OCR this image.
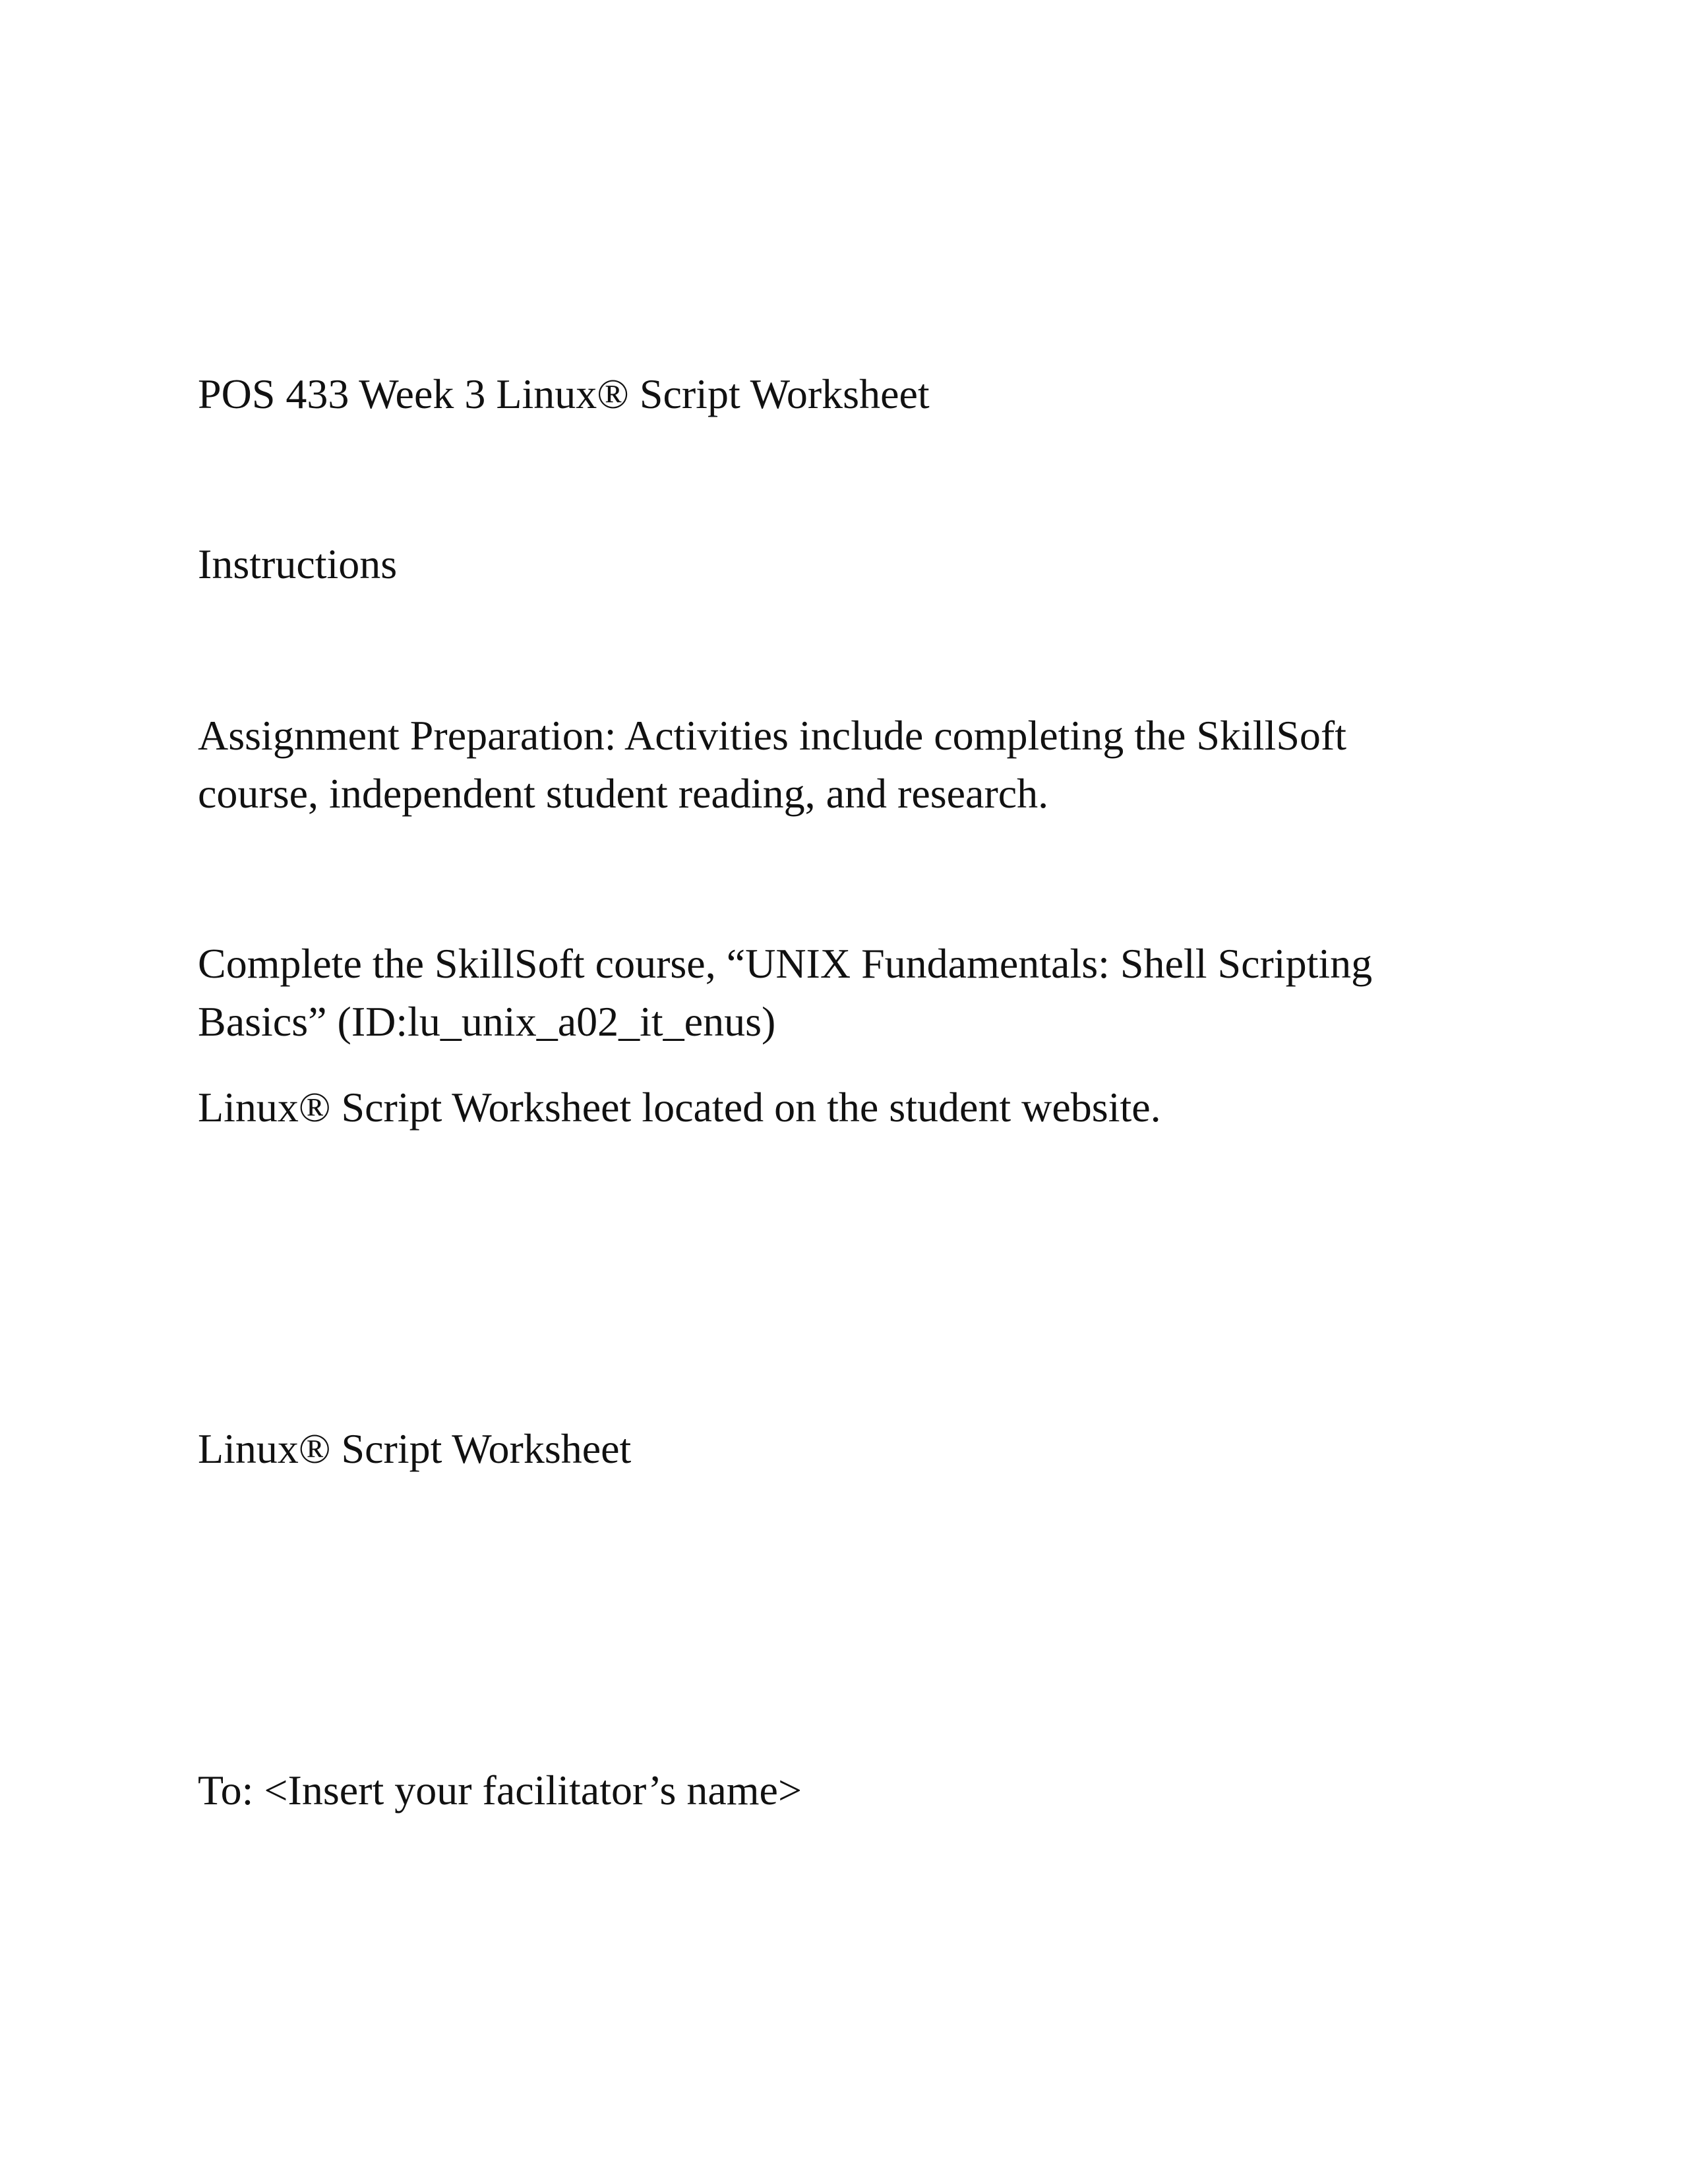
POS 433 Week 3 Linux® Script Worksheet

Instructions

Assignment Preparation: Activities include completing the SkillSoft

course, independent student reading, and research.

Complete the SkillSoft course, “UNIX Fundamentals: Shell Scripting

Basics” (ID:lu_unix_a02_it_enus)

Linux® Script Worksheet located on the student website.

Linux® Script Worksheet

To: <Insert your facilitator’s name>
